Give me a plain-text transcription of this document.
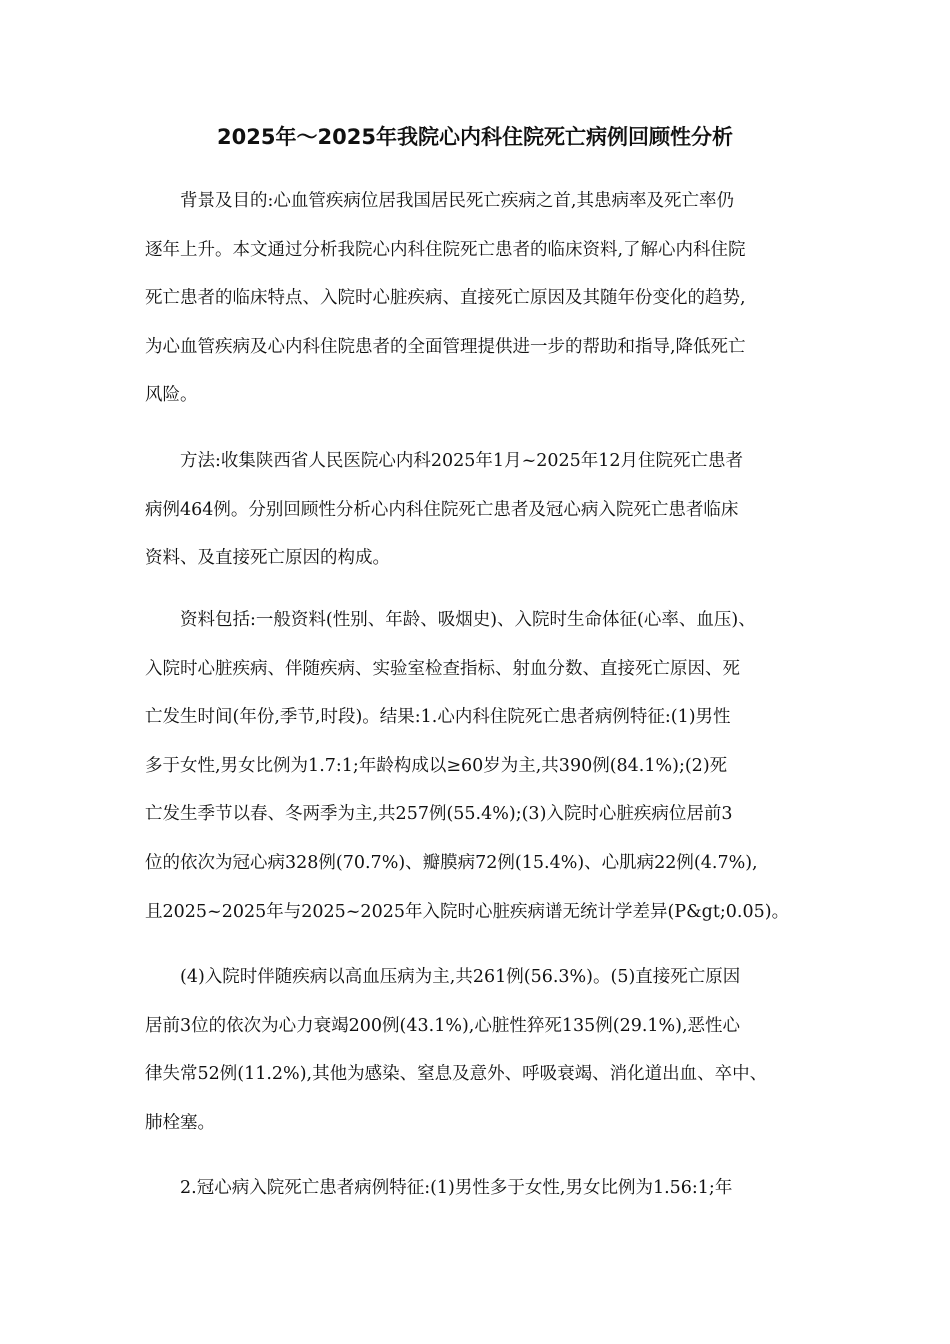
2025年～2025年我院心内科住院死亡病例回顾性分析
背景及目的:心血管疾病位居我国居民死亡疾病之首,其患病率及死亡率仍
逐年上升。本文通过分析我院心内科住院死亡患者的临床资料,了解心内科住院
死亡患者的临床特点、入院时心脏疾病、直接死亡原因及其随年份变化的趋势,
为心血管疾病及心内科住院患者的全面管理提供进一步的帮助和指导,降低死亡
风险。
方法:收集陕西省人民医院心内科2025年1月~2025年12月住院死亡患者
病例464例。分别回顾性分析心内科住院死亡患者及冠心病入院死亡患者临床
资料、及直接死亡原因的构成。
资料包括:一般资料(性别、年龄、吸烟史)、入院时生命体征(心率、血压)、
入院时心脏疾病、伴随疾病、实验室检查指标、射血分数、直接死亡原因、死
亡发生时间(年份,季节,时段)。结果:1.心内科住院死亡患者病例特征:(1)男性
多于女性,男女比例为1.7:1;年龄构成以≥60岁为主,共390例(84.1%);(2)死
亡发生季节以春、冬两季为主,共257例(55.4%);(3)入院时心脏疾病位居前3
位的依次为冠心病328例(70.7%)、瓣膜病72例(15.4%)、心肌病22例(4.7%),
且2025~2025年与2025~2025年入院时心脏疾病谱无统计学差异(P&gt;0.05)。
(4)入院时伴随疾病以高血压病为主,共261例(56.3%)。(5)直接死亡原因
居前3位的依次为心力衰竭200例(43.1%),心脏性猝死135例(29.1%),恶性心
律失常52例(11.2%),其他为感染、窒息及意外、呼吸衰竭、消化道出血、卒中、
肺栓塞。
2.冠心病入院死亡患者病例特征:(1)男性多于女性,男女比例为1.56:1;年
